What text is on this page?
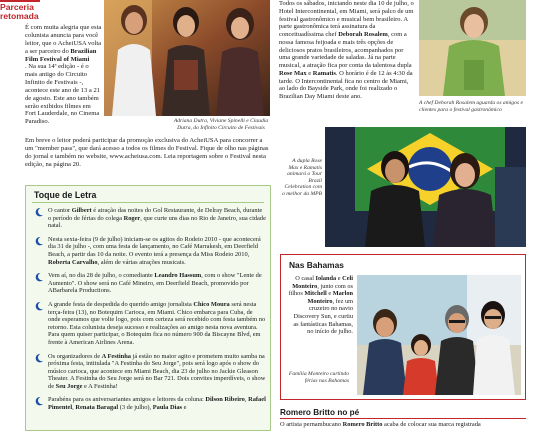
Parceria retomada

É com muita alegria que esta colunista anuncia para você leitor, que o AcheiUSA volta a ser parceiro do Brazilian Film Festival of Miami

. Na sua 14ª edição - é o mais antigo do Circuito Infinito de Festivais -, acontece este ano de 13 a 21 de agosto. Este ano também serão exibidos filmes em Fort Lauderdale, no Cinema Paradiso.

Em breve o leitor poderá participar da promoção exclusiva do AcheiUSA para concorrer a um "member pass", que dará acesso a todos os filmes do Festival. Fique de olho nas páginas do jornal e também no website, www.acheiusa.com. Leia reportagem sobre o Festival nesta edição, na página 20.

Adriana Dutra, Viviane Spinelli e Claudia Dutra, do Infinito Circuito de Festivais

Todos os sábados, iniciando neste dia 10 de julho, o Hotel Intercontinental, em Miami, será palco de um festival gastronômico e musical bem brasileiro. A parte gastronômica terá assinatura da conceituadíssima chef Deborah Rosalem, com a nossa famosa feijoada e mais três opções de deliciosos pratos brasileiros, acompanhados por uma grande variedade de saladas. Já na parte musical, a atração fica por conta da talentosa dupla Rose Max e Ramatis. O horário é de 12 às 4:30 da tarde. O Intercontinental fica no centro de Miami, ao lado do Bayside Park, onde foi realizado o Brazilian Day Miami deste ano.

A chef Deborah Rosalem aguarda os amigos e clientes para o festival gastronômico
A dupla Rose Max e Ramatis animará o Tour Brazil Celebration com o melhor da MPB
Toque de Letra
O cantor Gilbert é atração das noites do Gol Restaurante, de Delray Beach, durante o período de férias do colega Roger, que curte uns dias no Rio de Janeiro, sua cidade natal.
Nesta sexta-feira (9 de julho) iniciam-se os agitos do Rodeio 2010 - que acontecerá dia 31 de julho -, com uma festa de lançamento, no Café Marrakesh, em Deerfield Beach, a partir das 10 da noite. O evento terá a presença da Miss Rodeio 2010, Roberta Carvalho, além de várias atrações musicais.
Vem aí, no dia 28 de julho, o comediante Leandro Hassum, com o show "Lente de Aumento". O show será no Café Mineiro, em Deerfield Beach, promovido por ABarbarela Productions.
A grande festa de despedida do querido amigo jornalista Chico Moura será nesta terça-feira (13), no Botequim Carioca, em Miami. Chico embarca para Cuba, de onde esperamos que volte logo, pois com certeza será recebido com festa também no retorno. Esta colunista deseja sucesso e realizações ao amigo nesta nova aventura. Para quem quiser participar, o Botequim fica no número 900 da Biscayne Blvd, em frente à American Airlines Arena.
Os organizadores de A Festinha já estão no maior agito e prometem muito samba na próxima festa, intitulada "A Festinha do Seu Jorge", pois será logo após o show do músico carioca, que acontece em Miami Beach, dia 23 de julho no Jackie Gleason Theater. A Festinha do Seu Jorge será no Bar 721. Dois convites imperdíveis, o show de Seu Jorge e A Festinha!
Parabéns para os aniversariantes amigos e leitores da coluna: Dilson Ribeiro, Rafael Pimentel, Renata Baragal (3 de julho), Paula Dias e
Nas Bahamas

O casal Iolanda e Celi Monteiro, junto com os filhos Mitchell e Marlon Monteiro, fez um cruzeiro no navio Discovery Sun, e curtiu as fantásticas Bahamas, no início de julho.

Família Monteiro curtindo férias nas Bahamas
Romero Britto no pé

O artista pernambucano Romero Britto acaba de colocar sua marca registrada
